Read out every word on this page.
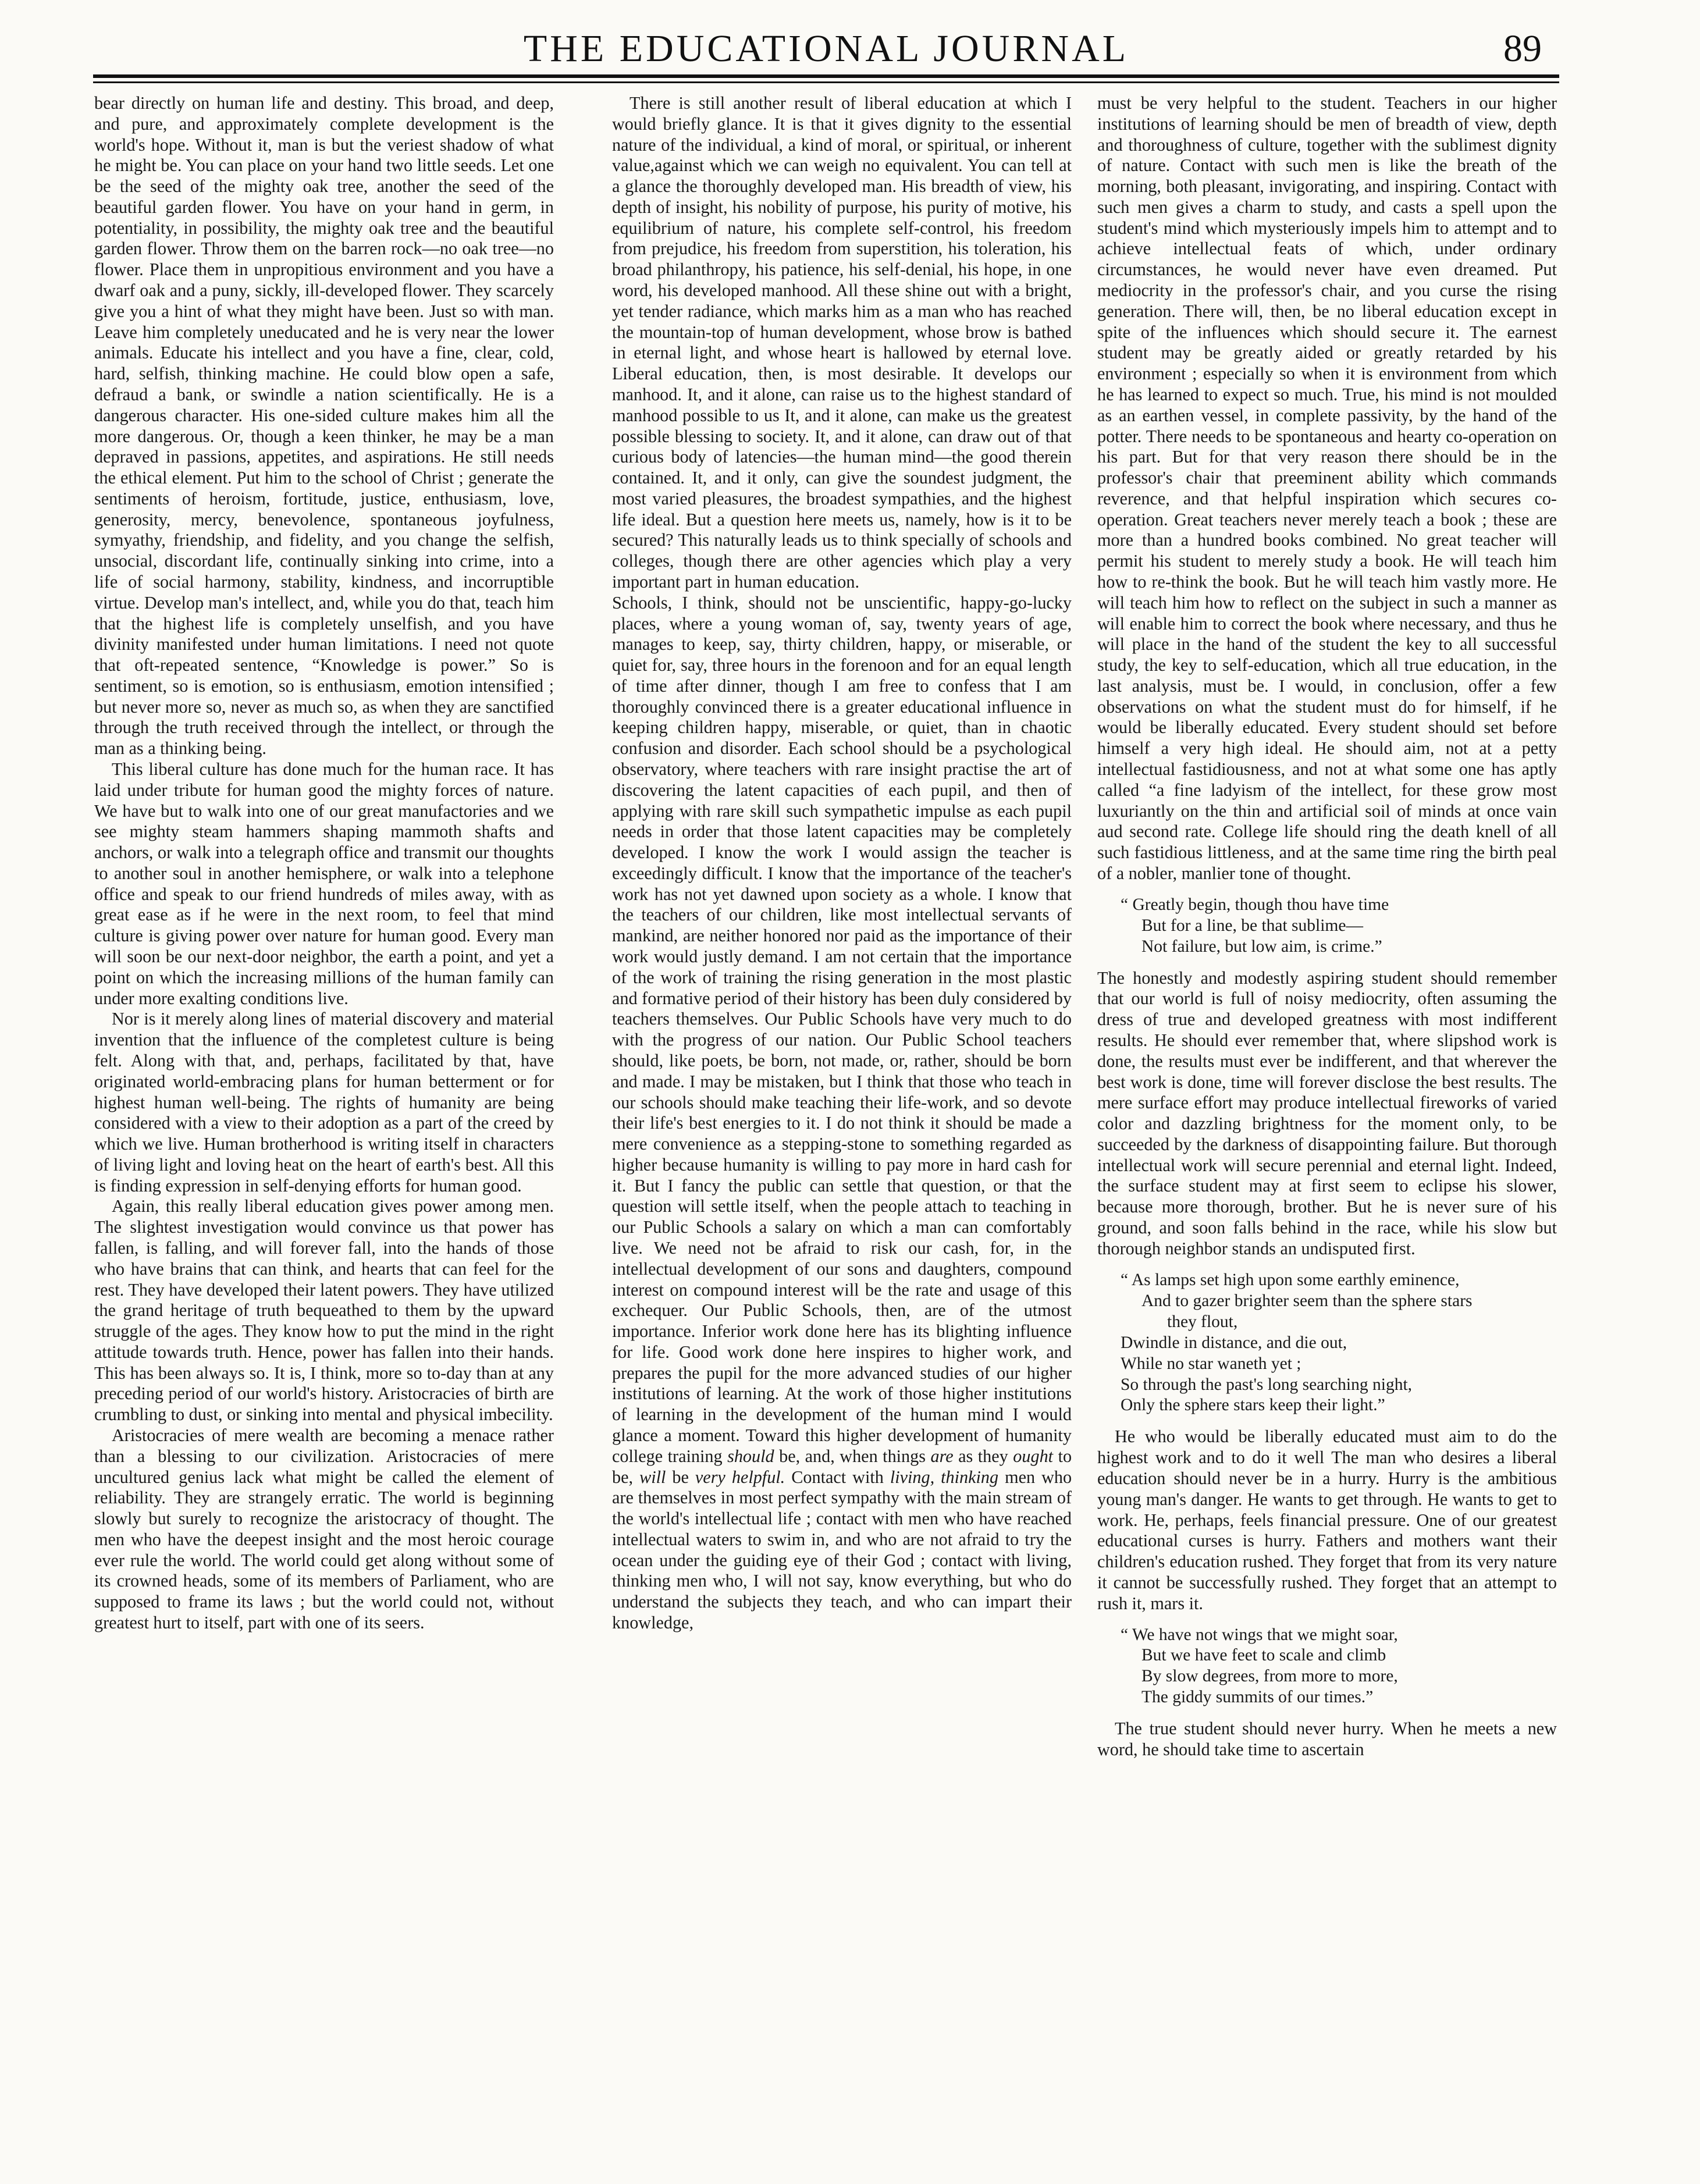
THE EDUCATIONAL JOURNAL	89

bear directly on human life and destiny. This broad, and deep, and pure, and approximately complete development is the world's hope. Without it, man is but the veriest shadow of what he might be. You can place on your hand two little seeds. Let one be the seed of the mighty oak tree, another the seed of the beautiful garden flower. You have on your hand in germ, in potentiality, in possibility, the mighty oak tree and the beautiful garden flower. Throw them on the barren rock—no oak tree—no flower. Place them in unpropitious environment and you have a dwarf oak and a puny, sickly, ill-developed flower. They scarcely give you a hint of what they might have been. Just so with man. Leave him completely uneducated and he is very near the lower animals. Educate his intellect and you have a fine, clear, cold, hard, selfish, thinking machine. He could blow open a safe, defraud a bank, or swindle a nation scientifically. He is a dangerous character. His one-sided culture makes him all the more dangerous. Or, though a keen thinker, he may be a man depraved in passions, appetites, and aspirations. He still needs the ethical element. Put him to the school of Christ ; generate the sentiments of heroism, fortitude, justice, enthusiasm, love, generosity, mercy, benevolence, spontaneous joyfulness, symyathy, friendship, and fidelity, and you change the selfish, unsocial, discordant life, continually sinking into crime, into a life of social harmony, stability, kindness, and incorruptible virtue. Develop man's intellect, and, while you do that, teach him that the highest life is completely unselfish, and you have divinity manifested under human limitations. I need not quote that oft-repeated sentence, “Knowledge is power.” So is sentiment, so is emotion, so is enthusiasm, emotion intensified ; but never more so, never as much so, as when they are sanctified through the truth received through the intellect, or through the man as a thinking being.

This liberal culture has done much for the human race. It has laid under tribute for human good the mighty forces of nature. We have but to walk into one of our great manufactories and we see mighty steam hammers shaping mammoth shafts and anchors, or walk into a telegraph office and transmit our thoughts to another soul in another hemisphere, or walk into a telephone office and speak to our friend hundreds of miles away, with as great ease as if he were in the next room, to feel that mind culture is giving power over nature for human good. Every man will soon be our next-door neighbor, the earth a point, and yet a point on which the increasing millions of the human family can under more exalting conditions live.

Nor is it merely along lines of material discovery and material invention that the influence of the completest culture is being felt. Along with that, and, perhaps, facilitated by that, have originated world-embracing plans for human betterment or for highest human well-being. The rights of humanity are being considered with a view to their adoption as a part of the creed by which we live. Human brotherhood is writing itself in characters of living light and loving heat on the heart of earth's best. All this is finding expression in self-denying efforts for human good.

Again, this really liberal education gives power among men. The slightest investigation would convince us that power has fallen, is falling, and will forever fall, into the hands of those who have brains that can think, and hearts that can feel for the rest. They have developed their latent powers. They have utilized the grand heritage of truth bequeathed to them by the upward struggle of the ages. They know how to put the mind in the right attitude towards truth. Hence, power has fallen into their hands. This has been always so. It is, I think, more so to-day than at any preceding period of our world's history. Aristocracies of birth are crumbling to dust, or sinking into mental and physical imbecility.

Aristocracies of mere wealth are becoming a menace rather than a blessing to our civilization. Aristocracies of mere uncultured genius lack what might be called the element of reliability. They are strangely erratic. The world is beginning slowly but surely to recognize the aristocracy of thought. The men who have the deepest insight and the most heroic courage ever rule the world. The world could get along without some of its crowned heads, some of its members of Parliament, who are supposed to frame its laws ; but the world could not, without greatest hurt to itself, part with one of its seers.

There is still another result of liberal education at which I would briefly glance. It is that it gives dignity to the essential nature of the individual, a kind of moral, or spiritual, or inherent value,against which we can weigh no equivalent. You can tell at a glance the thoroughly developed man. His breadth of view, his depth of insight, his nobility of purpose, his purity of motive, his equilibrium of nature, his complete self-control, his freedom from prejudice, his freedom from superstition, his toleration, his broad philanthropy, his patience, his self-denial, his hope, in one word, his developed manhood. All these shine out with a bright, yet tender radiance, which marks him as a man who has reached the mountain-top of human development, whose brow is bathed in eternal light, and whose heart is hallowed by eternal love. Liberal education, then, is most desirable. It develops our manhood. It, and it alone, can raise us to the highest standard of manhood possible to us It, and it alone, can make us the greatest possible blessing to society. It, and it alone, can draw out of that curious body of latencies—the human mind—the good therein contained. It, and it only, can give the soundest judgment, the most varied pleasures, the broadest sympathies, and the highest life ideal. But a question here meets us, namely, how is it to be secured? This naturally leads us to think specially of schools and colleges, though there are other agencies which play a very important part in human education.

Schools, I think, should not be unscientific, happy-go-lucky places, where a young woman of, say, twenty years of age, manages to keep, say, thirty children, happy, or miserable, or quiet for, say, three hours in the forenoon and for an equal length of time after dinner, though I am free to confess that I am thoroughly convinced there is a greater educational influence in keeping children happy, miserable, or quiet, than in chaotic confusion and disorder. Each school should be a psychological observatory, where teachers with rare insight practise the art of discovering the latent capacities of each pupil, and then of applying with rare skill such sympathetic impulse as each pupil needs in order that those latent capacities may be completely developed. I know the work I would assign the teacher is exceedingly difficult. I know that the importance of the teacher's work has not yet dawned upon society as a whole. I know that the teachers of our children, like most intellectual servants of mankind, are neither honored nor paid as the importance of their work would justly demand. I am not certain that the importance of the work of training the rising generation in the most plastic and formative period of their history has been duly considered by teachers themselves. Our Public Schools have very much to do with the progress of our nation. Our Public School teachers should, like poets, be born, not made, or, rather, should be born and made. I may be mistaken, but I think that those who teach in our schools should make teaching their life-work, and so devote their life's best energies to it. I do not think it should be made a mere convenience as a stepping-stone to something regarded as higher because humanity is willing to pay more in hard cash for it. But I fancy the public can settle that question, or that the question will settle itself, when the people attach to teaching in our Public Schools a salary on which a man can comfortably live. We need not be afraid to risk our cash, for, in the intellectual development of our sons and daughters, compound interest on compound interest will be the rate and usage of this exchequer. Our Public Schools, then, are of the utmost importance. Inferior work done here has its blighting influence for life. Good work done here inspires to higher work, and prepares the pupil for the more advanced studies of our higher institutions of learning. At the work of those higher institutions of learning in the development of the human mind I would glance a moment. Toward this higher development of humanity college training should be, and, when things are as they ought to be, will be very helpful. Contact with living, thinking men who are themselves in most perfect sympathy with the main stream of the world's intellectual life ; contact with men who have reached intellectual waters to swim in, and who are not afraid to try the ocean under the guiding eye of their God ; contact with living, thinking men who, I will not say, know everything, but who do understand the subjects they teach, and who can impart their knowledge,

must be very helpful to the student. Teachers in our higher institutions of learning should be men of breadth of view, depth and thoroughness of culture, together with the sublimest dignity of nature. Contact with such men is like the breath of the morning, both pleasant, invigorating, and inspiring. Contact with such men gives a charm to study, and casts a spell upon the student's mind which mysteriously impels him to attempt and to achieve intellectual feats of which, under ordinary circumstances, he would never have even dreamed. Put mediocrity in the professor's chair, and you curse the rising generation. There will, then, be no liberal education except in spite of the influences which should secure it. The earnest student may be greatly aided or greatly retarded by his environment ; especially so when it is environment from which he has learned to expect so much. True, his mind is not moulded as an earthen vessel, in complete passivity, by the hand of the potter. There needs to be spontaneous and hearty co-operation on his part. But for that very reason there should be in the professor's chair that preeminent ability which commands reverence, and that helpful inspiration which secures co-operation. Great teachers never merely teach a book ; these are more than a hundred books combined. No great teacher will permit his student to merely study a book. He will teach him how to re-think the book. But he will teach him vastly more. He will teach him how to reflect on the subject in such a manner as will enable him to correct the book where necessary, and thus he will place in the hand of the student the key to all successful study, the key to self-education, which all true education, in the last analysis, must be. I would, in conclusion, offer a few observations on what the student must do for himself, if he would be liberally educated. Every student should set before himself a very high ideal. He should aim, not at a petty intellectual fastidiousness, and not at what some one has aptly called “a fine ladyism of the intellect, for these grow most luxuriantly on the thin and artificial soil of minds at once vain aud second rate. College life should ring the death knell of all such fastidious littleness, and at the same time ring the birth peal of a nobler, manlier tone of thought.

“ Greatly begin, though thou have time
But for a line, be that sublime—
Not failure, but low aim, is crime.”

The honestly and modestly aspiring student should remember that our world is full of noisy mediocrity, often assuming the dress of true and developed greatness with most indifferent results. He should ever remember that, where slipshod work is done, the results must ever be indifferent, and that wherever the best work is done, time will forever disclose the best results. The mere surface effort may produce intellectual fireworks of varied color and dazzling brightness for the moment only, to be succeeded by the darkness of disappointing failure. But thorough intellectual work will secure perennial and eternal light. Indeed, the surface student may at first seem to eclipse his slower, because more thorough, brother. But he is never sure of his ground, and soon falls behind in the race, while his slow but thorough neighbor stands an undisputed first.

“ As lamps set high upon some earthly eminence,
And to gazer brighter seem than the sphere stars
they flout,
Dwindle in distance, and die out,
While no star waneth yet ;
So through the past's long searching night,
Only the sphere stars keep their light.”

He who would be liberally educated must aim to do the highest work and to do it well The man who desires a liberal education should never be in a hurry. Hurry is the ambitious young man's danger. He wants to get through. He wants to get to work. He, perhaps, feels financial pressure. One of our greatest educational curses is hurry. Fathers and mothers want their children's education rushed. They forget that from its very nature it cannot be successfully rushed. They forget that an attempt to rush it, mars it.

“ We have not wings that we might soar,
But we have feet to scale and climb
By slow degrees, from more to more,
The giddy summits of our times.”

The true student should never hurry. When he meets a new word, he should take time to ascertain
